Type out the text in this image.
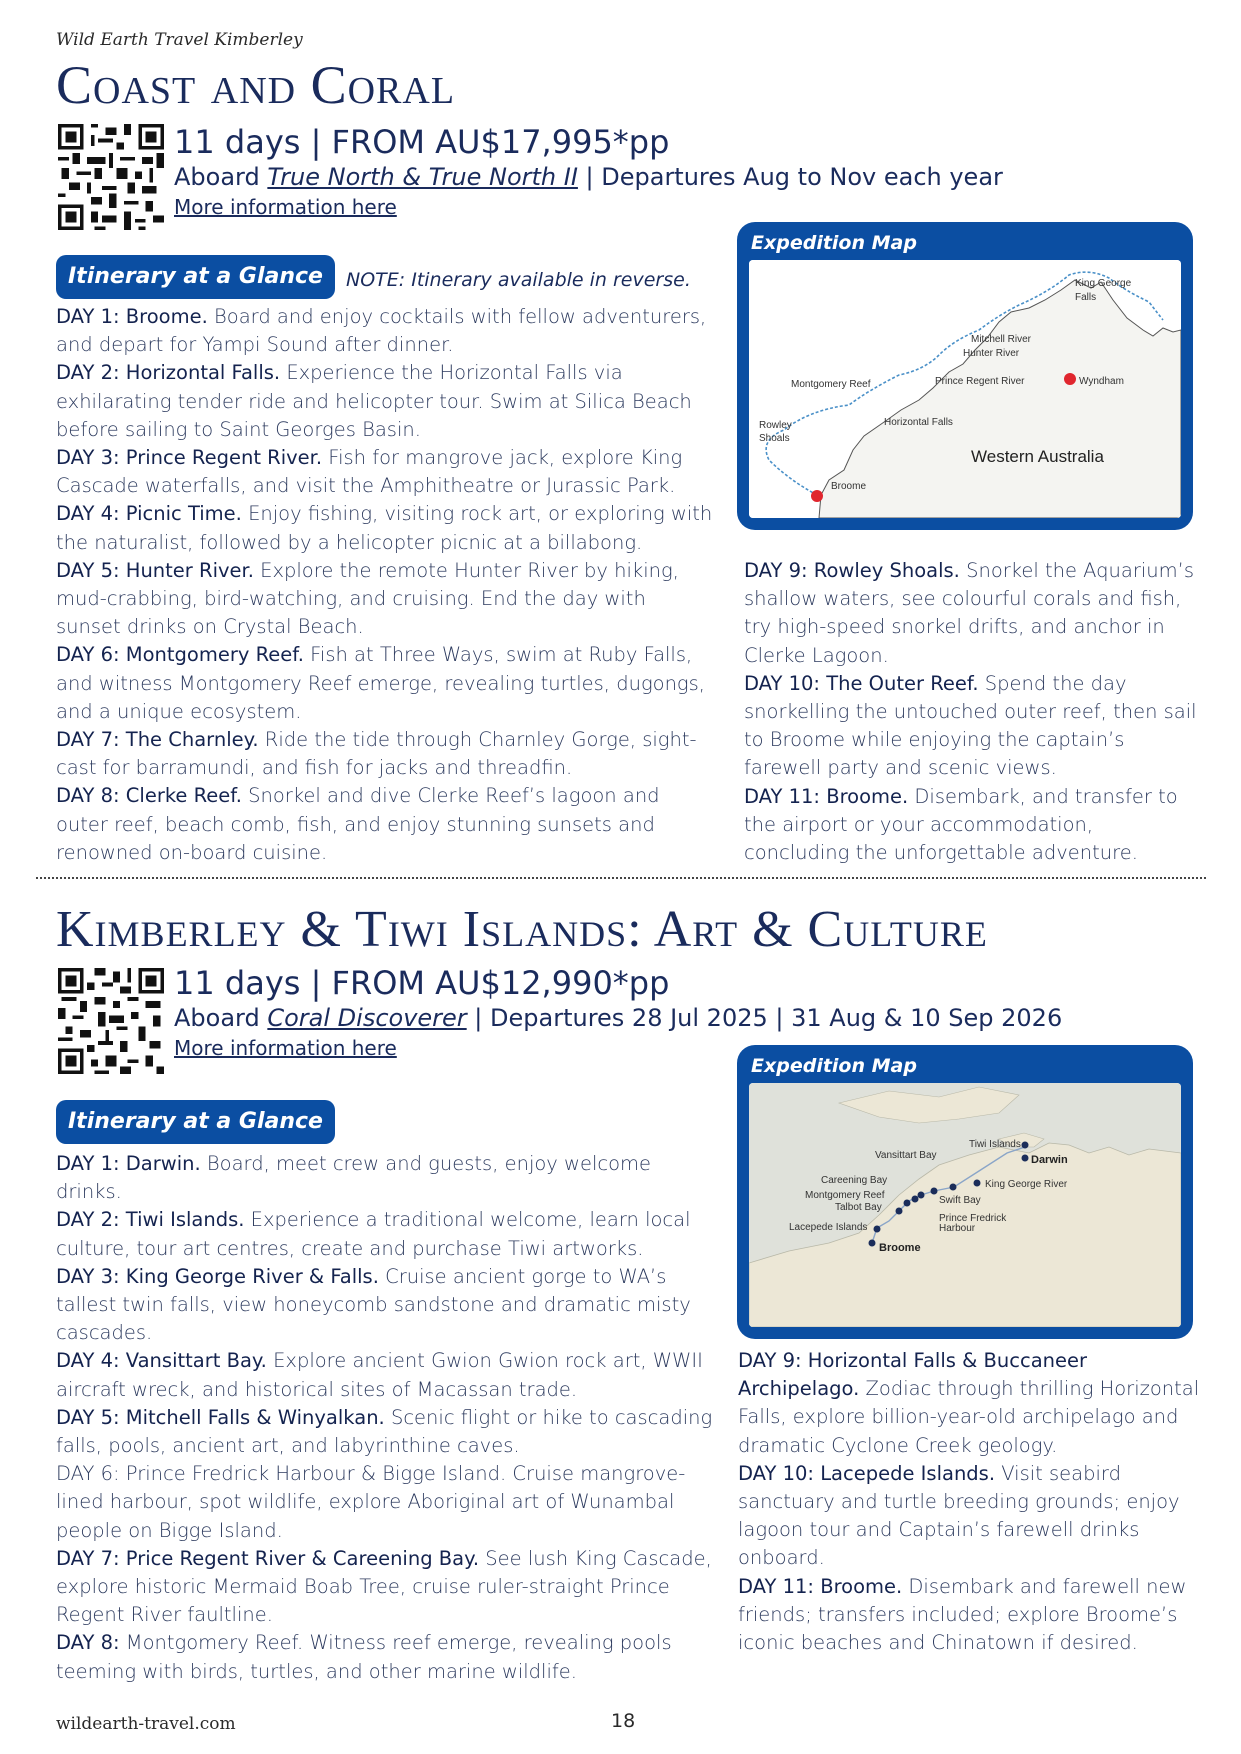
Wild Earth Travel Kimberley
Coast and Coral
11 days | FROM AU$17,995*pp
Aboard True North & True North II | Departures Aug to Nov each year
More information here
Itinerary at a Glance	NOTE: Itinerary available in reverse.

DAY 1: Broome. Board and enjoy cocktails with fellow adventurers, and depart for Yampi Sound after dinner.

DAY 2: Horizontal Falls. Experience the Horizontal Falls via exhilarating tender ride and helicopter tour. Swim at Silica Beach before sailing to Saint Georges Basin.

DAY 3: Prince Regent River. Fish for mangrove jack, explore King Cascade waterfalls, and visit the Amphitheatre or Jurassic Park.

DAY 4: Picnic Time. Enjoy fishing, visiting rock art, or exploring with the naturalist, followed by a helicopter picnic at a billabong.

DAY 5: Hunter River. Explore the remote Hunter River by hiking, mud-crabbing, bird-watching, and cruising. End the day with sunset drinks on Crystal Beach.

DAY 6: Montgomery Reef. Fish at Three Ways, swim at Ruby Falls, and witness Montgomery Reef emerge, revealing turtles, dugongs, and a unique ecosystem.

DAY 7: The Charnley. Ride the tide through Charnley Gorge, sight-cast for barramundi, and fish for jacks and threadfin.

DAY 8: Clerke Reef. Snorkel and dive Clerke Reef’s lagoon and outer reef, beach comb, fish, and enjoy stunning sunsets and renowned on-board cuisine.

Expedition Map
King George
Falls
Mitchell River
Hunter River
Montgomery Reef	Prince Regent River	Wyndham
Rowley
Shoals
Horizontal Falls
Western Australia
Broome

DAY 9: Rowley Shoals. Snorkel the Aquarium’s shallow waters, see colourful corals and fish, try high-speed snorkel drifts, and anchor in Clerke Lagoon.

DAY 10: The Outer Reef. Spend the day snorkelling the untouched outer reef, then sail to Broome while enjoying the captain’s farewell party and scenic views.

DAY 11: Broome. Disembark, and transfer to the airport or your accommodation, concluding the unforgettable adventure.

Kimberley & Tiwi Islands: Art & Culture
11 days | FROM AU$12,990*pp
Aboard Coral Discoverer | Departures 28 Jul 2025 | 31 Aug & 10 Sep 2026
More information here
Itinerary at a Glance

DAY 1: Darwin. Board, meet crew and guests, enjoy welcome drinks.

DAY 2: Tiwi Islands. Experience a traditional welcome, learn local culture, tour art centres, create and purchase Tiwi artworks.

DAY 3: King George River & Falls. Cruise ancient gorge to WA’s tallest twin falls, view honeycomb sandstone and dramatic misty cascades.

DAY 4: Vansittart Bay. Explore ancient Gwion Gwion rock art, WWII aircraft wreck, and historical sites of Macassan trade.

DAY 5: Mitchell Falls & Winyalkan. Scenic flight or hike to cascading falls, pools, ancient art, and labyrinthine caves.

DAY 6: Prince Fredrick Harbour & Bigge Island. Cruise mangrove-lined harbour, spot wildlife, explore Aboriginal art of Wunambal people on Bigge Island.

DAY 7: Price Regent River & Careening Bay. See lush King Cascade, explore historic Mermaid Boab Tree, cruise ruler-straight Prince Regent River faultline.

DAY 8: Montgomery Reef. Witness reef emerge, revealing pools teeming with birds, turtles, and other marine wildlife.

Expedition Map
Tiwi Islands
Darwin
Vansittart Bay
Careening Bay	King George River
Montgomery Reef	Swift Bay
Talbot Bay
Prince Fredrick
Harbour
Lacepede Islands
Broome

DAY 9: Horizontal Falls & Buccaneer Archipelago. Zodiac through thrilling Horizontal Falls, explore billion-year-old archipelago and dramatic Cyclone Creek geology.

DAY 10: Lacepede Islands. Visit seabird sanctuary and turtle breeding grounds; enjoy lagoon tour and Captain’s farewell drinks onboard.

DAY 11: Broome. Disembark and farewell new friends; transfers included; explore Broome’s iconic beaches and Chinatown if desired.

wildearth-travel.com	18
